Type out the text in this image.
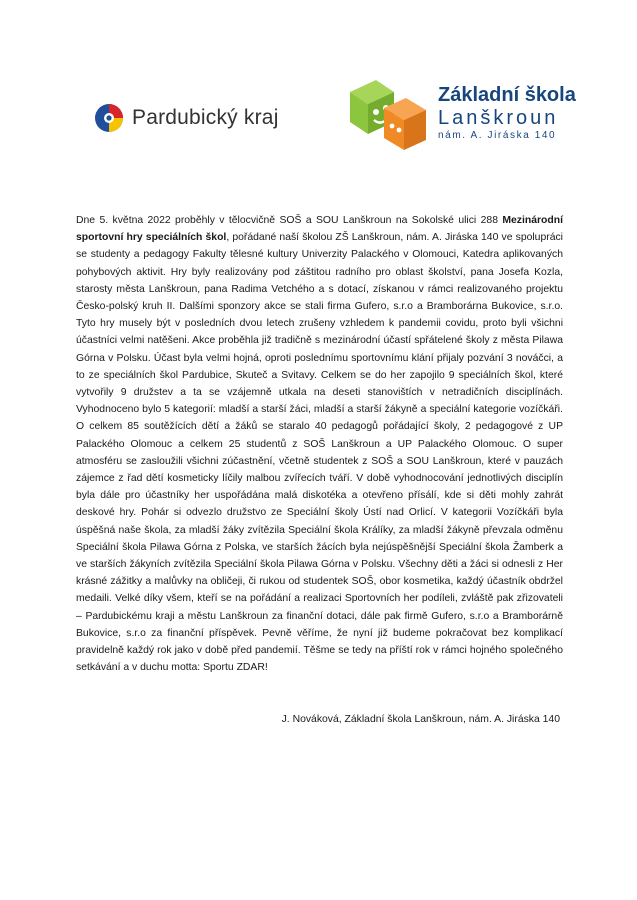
Pardubický kraj
Základní škola
Lanškroun
nám. A. Jiráska 140

Dne 5. května 2022 proběhly v tělocvičně SOŠ a SOU Lanškroun na Sokolské ulici 288 Mezinárodní sportovní hry speciálních škol, pořádané naší školou ZŠ Lanškroun, nám. A. Jiráska 140 ve spolupráci se studenty a pedagogy Fakulty tělesné kultury Univerzity Palackého v Olomouci, Katedra aplikovaných pohybových aktivit. Hry byly realizovány pod záštitou radního pro oblast školství, pana Josefa Kozla, starosty města Lanškroun, pana Radima Vetchého a s dotací, získanou v rámci realizovaného projektu Česko-polský kruh II. Dalšími sponzory akce se stali firma Gufero, s.r.o a Bramborárna Bukovice, s.r.o. Tyto hry musely být v posledních dvou letech zrušeny vzhledem k pandemii covidu, proto byli všichni účastníci velmi natěšeni. Akce proběhla již tradičně s mezinárodní účastí spřátelené školy z města Pilawa Górna v Polsku. Účast byla velmi hojná, oproti poslednímu sportovnímu klání přijaly pozvání 3 nováčci, a to ze speciálních škol Pardubice, Skuteč a Svitavy. Celkem se do her zapojilo 9 speciálních škol, které vytvořily 9 družstev a ta se vzájemně utkala na deseti stanovištích v netradičních disciplínách. Vyhodnoceno bylo 5 kategorií: mladší a starší žáci, mladší a starší žákyně a speciální kategorie vozíčkáři. O celkem 85 soutěžících dětí a žáků se staralo 40 pedagogů pořádající školy, 2 pedagogové z UP Palackého Olomouc a celkem 25 studentů z SOŠ Lanškroun a UP Palackého Olomouc. O super atmosféru se zasloužili všichni zúčastnění, včetně studentek z SOŠ a SOU Lanškroun, které v pauzách zájemce z řad dětí kosmeticky líčily malbou zvířecích tváří. V době vyhodnocování jednotlivých disciplín byla dále pro účastníky her uspořádána malá diskotéka a otevřeno přísálí, kde si děti mohly zahrát deskové hry. Pohár si odvezlo družstvo ze Speciální školy Ústí nad Orlicí. V kategorii Vozíčkáři byla úspěšná naše škola, za mladší žáky zvítězila Speciální škola Králíky, za mladší žákyně převzala odměnu Speciální škola Pilawa Górna z Polska, ve starších žácích byla nejúspěšnější Speciální škola Žamberk a ve starších žákyních zvítězila Speciální škola Pilawa Górna v Polsku. Všechny děti a žáci si odnesli z Her krásné zážitky a malůvky na obličeji, či rukou od studentek SOŠ, obor kosmetika, každý účastník obdržel medaili. Velké díky všem, kteří se na pořádání a realizaci Sportovních her podíleli, zvláště pak zřizovateli – Pardubickému kraji a městu Lanškroun za finanční dotaci, dále pak firmě Gufero, s.r.o a Bramborárně Bukovice, s.r.o za finanční příspěvek. Pevně věříme, že nyní již budeme pokračovat bez komplikací pravidelně každý rok jako v době před pandemií. Těšme se tedy na příští rok v rámci hojného společného setkávání a v duchu motta: Sportu ZDAR!

J. Nováková, Základní škola Lanškroun, nám. A. Jiráska 140
